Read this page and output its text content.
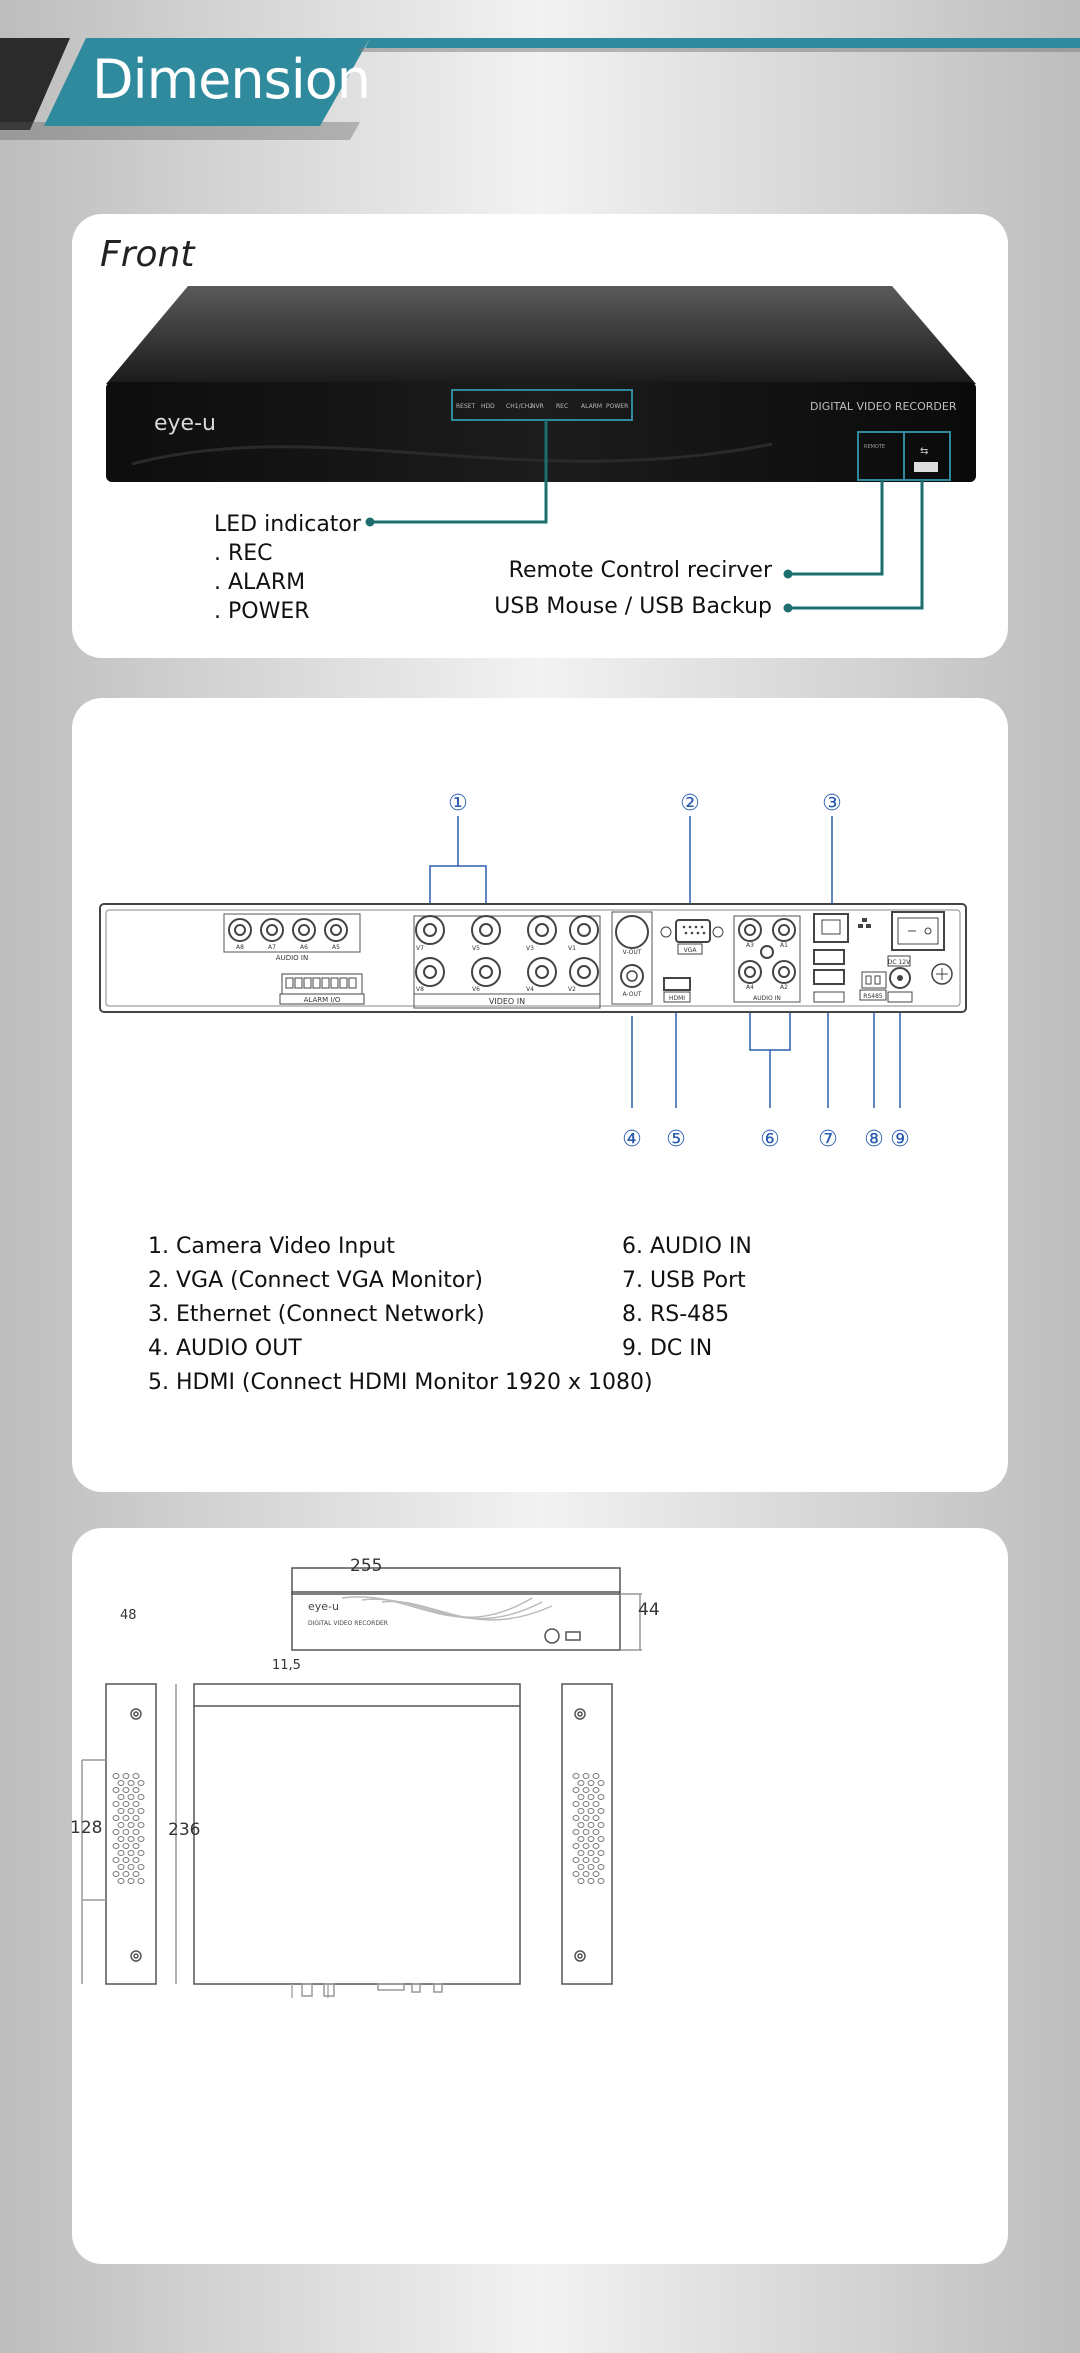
Dimension
Front
eye-u
DIGITAL VIDEO RECORDER
RESET HDD CH1/CH2
NVR REC ALARM POWER
⇆
REMOTE
LED indicator
. REC
. ALARM
. POWER
Remote Control recirver
USB Mouse / USB Backup
①	②	③
④ ⑤	⑥ ⑦ ⑧ ⑨
A8	A7	A6	A5
AUDIO IN
ALARM I/O
V7	V5	V3	V1
V8	V6	V4	V2
VIDEO IN
V-OUT
A-OUT
VGA
HDMI
A3	A1
A4	A2
AUDIO IN	RS485
DC 12V
1. Camera Video Input
2. VGA (Connect VGA Monitor)
3. Ethernet (Connect Network)
4. AUDIO OUT
5. HDMI (Connect HDMI Monitor 1920 x 1080)
6. AUDIO IN
7. USB Port
8. RS-485
9. DC IN
eye-u
DIGITAL VIDEO RECORDER
255
44
48
11,5
236
128
